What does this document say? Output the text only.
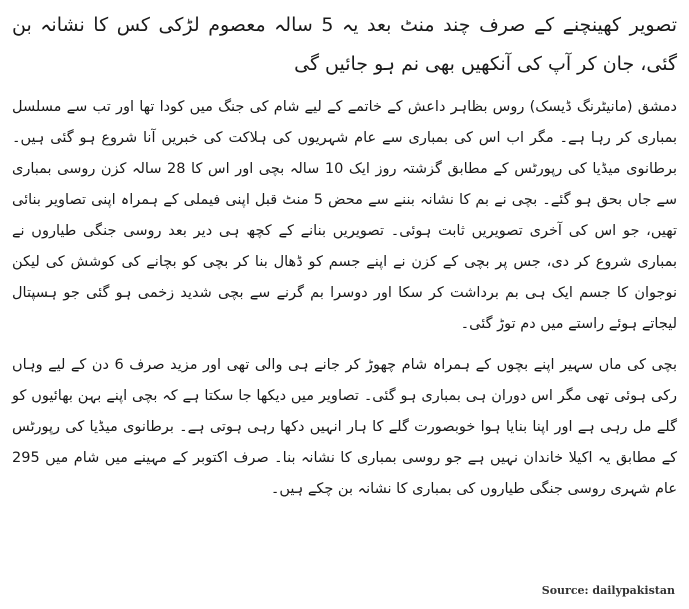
تصویر کھینچنے کے صرف چند منٹ بعد یہ 5 سالہ معصوم لڑکی کس کا نشانہ بن گئی، جان کر آپ کی آنکھیں بھی نم ہو جائیں گی

دمشق (مانیٹرنگ ڈیسک) روس بظاہر داعش کے خاتمے کے لیے شام کی جنگ میں کودا تھا اور تب سے مسلسل بمباری کر رہا ہے۔ مگر اب اس کی بمباری سے عام شہریوں کی ہلاکت کی خبریں آنا شروع ہو گئی ہیں۔ برطانوی میڈیا کی رپورٹس کے مطابق گزشتہ روز ایک 10 سالہ بچی اور اس کا 28 سالہ کزن روسی بمباری سے جاں بحق ہو گئے۔ بچی نے بم کا نشانہ بننے سے محض 5 منٹ قبل اپنی فیملی کے ہمراہ اپنی تصاویر بنائی تھیں، جو اس کی آخری تصویریں ثابت ہوئی۔ تصویریں بنانے کے کچھ ہی دیر بعد روسی جنگی طیاروں نے بمباری شروع کر دی، جس پر بچی کے کزن نے اپنے جسم کو ڈھال بنا کر بچی کو بچانے کی کوشش کی لیکن نوجوان کا جسم ایک ہی بم برداشت کر سکا اور دوسرا بم گرنے سے بچی شدید زخمی ہو گئی جو ہسپتال لیجاتے ہوئے راستے میں دم توڑ گئی۔

بچی کی ماں سہیر اپنے بچوں کے ہمراہ شام چھوڑ کر جانے ہی والی تھی اور مزید صرف 6 دن کے لیے وہاں رکی ہوئی تھی مگر اس دوران ہی بمباری ہو گئی۔ تصاویر میں دیکھا جا سکتا ہے کہ بچی اپنے بہن بھائیوں کو گلے مل رہی ہے اور اپنا بنایا ہوا خوبصورت گلے کا ہار انہیں دکھا رہی ہوتی ہے۔ برطانوی میڈیا کی رپورٹس کے مطابق یہ اکیلا خاندان نہیں ہے جو روسی بمباری کا نشانہ بنا۔ صرف اکتوبر کے مہینے میں شام میں 295 عام شہری روسی جنگی طیاروں کی بمباری کا نشانہ بن چکے ہیں۔

Source: dailypakistan
